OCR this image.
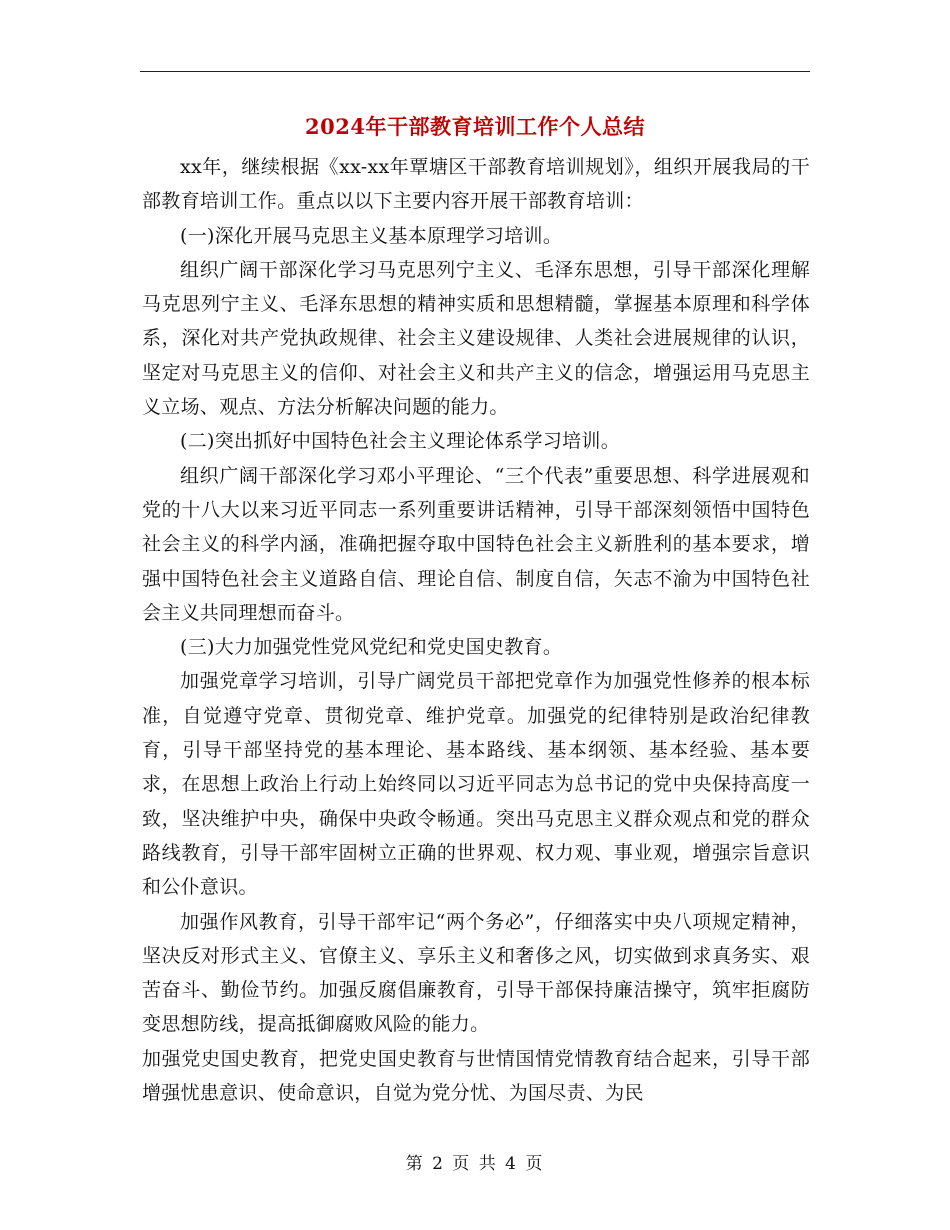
2024年干部教育培训工作个人总结

xx年，继续根据《xx-xx年覃塘区干部教育培训规划》，组织开展我局的干部教育培训工作。重点以以下主要内容开展干部教育培训：

(一)深化开展马克思主义基本原理学习培训。

组织广阔干部深化学习马克思列宁主义、毛泽东思想，引导干部深化理解马克思列宁主义、毛泽东思想的精神实质和思想精髓，掌握基本原理和科学体系，深化对共产党执政规律、社会主义建设规律、人类社会进展规律的认识，坚定对马克思主义的信仰、对社会主义和共产主义的信念，增强运用马克思主义立场、观点、方法分析解决问题的能力。

(二)突出抓好中国特色社会主义理论体系学习培训。

组织广阔干部深化学习邓小平理论、“三个代表”重要思想、科学进展观和党的十八大以来习近平同志一系列重要讲话精神，引导干部深刻领悟中国特色社会主义的科学内涵，准确把握夺取中国特色社会主义新胜利的基本要求，增强中国特色社会主义道路自信、理论自信、制度自信，矢志不渝为中国特色社会主义共同理想而奋斗。

(三)大力加强党性党风党纪和党史国史教育。

加强党章学习培训，引导广阔党员干部把党章作为加强党性修养的根本标准，自觉遵守党章、贯彻党章、维护党章。加强党的纪律特别是政治纪律教育，引导干部坚持党的基本理论、基本路线、基本纲领、基本经验、基本要求，在思想上政治上行动上始终同以习近平同志为总书记的党中央保持高度一致，坚决维护中央，确保中央政令畅通。突出马克思主义群众观点和党的群众路线教育，引导干部牢固树立正确的世界观、权力观、事业观，增强宗旨意识和公仆意识。

加强作风教育，引导干部牢记“两个务必”，仔细落实中央八项规定精神，坚决反对形式主义、官僚主义、享乐主义和奢侈之风，切实做到求真务实、艰苦奋斗、勤俭节约。加强反腐倡廉教育，引导干部保持廉洁操守，筑牢拒腐防变思想防线，提高抵御腐败风险的能力。

加强党史国史教育，把党史国史教育与世情国情党情教育结合起来，引导干部增强忧患意识、使命意识，自觉为党分忧、为国尽责、为民

第 2 页 共 4 页
